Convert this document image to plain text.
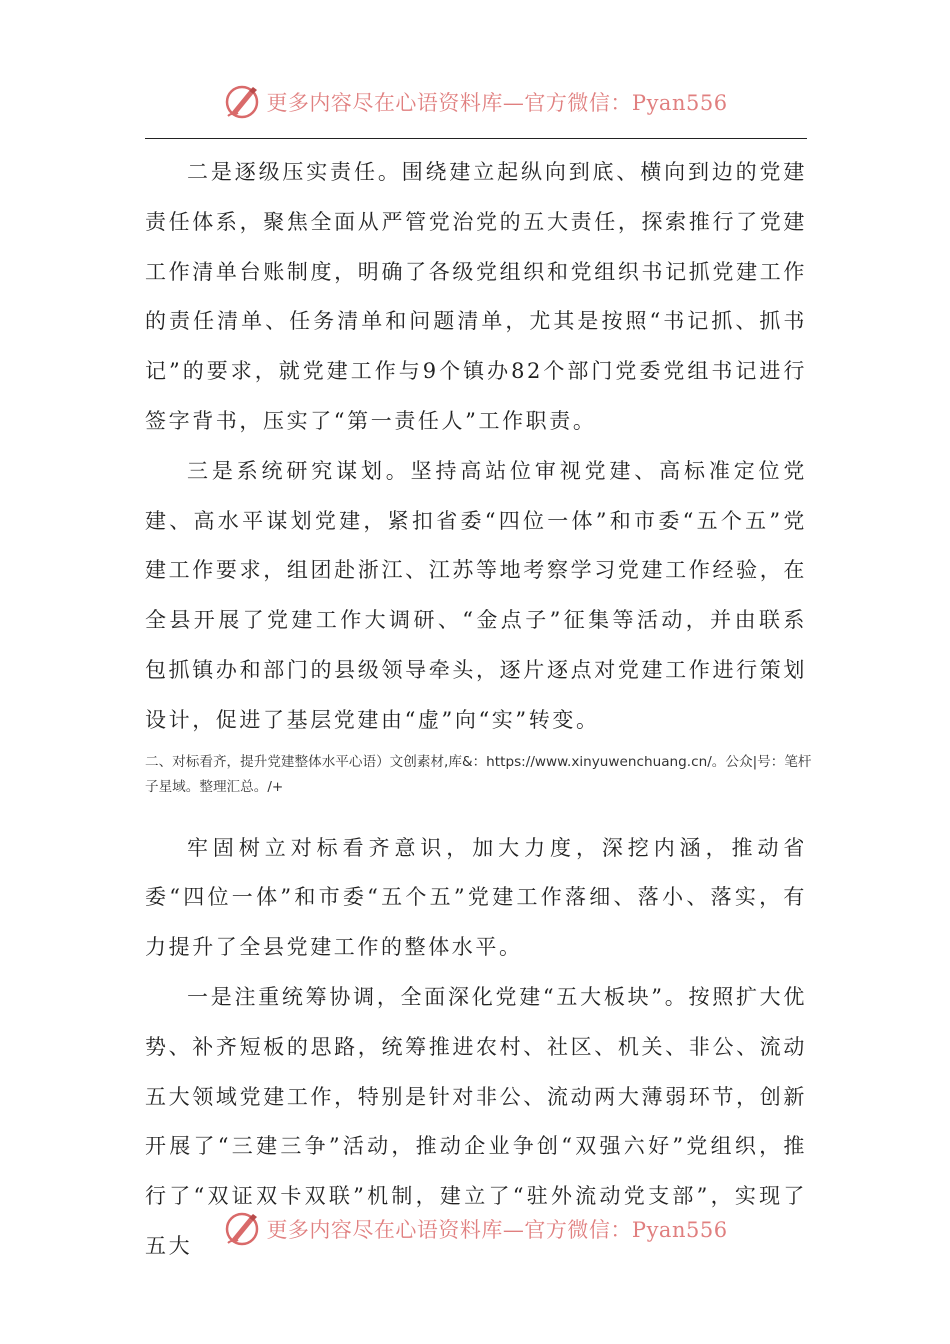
更多内容尽在心语资料库—官方微信：Pyan556

二是逐级压实责任。围绕建立起纵向到底、横向到边的党建责任体系，聚焦全面从严管党治党的五大责任，探索推行了党建工作清单台账制度，明确了各级党组织和党组织书记抓党建工作的责任清单、任务清单和问题清单，尤其是按照“书记抓、抓书记”的要求，就党建工作与9个镇办82个部门党委党组书记进行签字背书，压实了“第一责任人”工作职责。

三是系统研究谋划。坚持高站位审视党建、高标准定位党建、高水平谋划党建，紧扣省委“四位一体”和市委“五个五”党建工作要求，组团赴浙江、江苏等地考察学习党建工作经验，在全县开展了党建工作大调研、“金点子”征集等活动，并由联系包抓镇办和部门的县级领导牵头，逐片逐点对党建工作进行策划设计，促进了基层党建由“虚”向“实”转变。

二、对标看齐，提升党建整体水平心语）文创素材,库&：https://www.xinyuwenchuang.cn/。公众|号：笔杆子星域。整理汇总。/+

牢固树立对标看齐意识，加大力度，深挖内涵，推动省委“四位一体”和市委“五个五”党建工作落细、落小、落实，有力提升了全县党建工作的整体水平。

一是注重统筹协调，全面深化党建“五大板块”。按照扩大优势、补齐短板的思路，统筹推进农村、社区、机关、非公、流动五大领域党建工作，特别是针对非公、流动两大薄弱环节，创新开展了“三建三争”活动，推动企业争创“双强六好”党组织，推行了“双证双卡双联”机制，建立了“驻外流动党支部”，实现了五大

更多内容尽在心语资料库—官方微信：Pyan556
